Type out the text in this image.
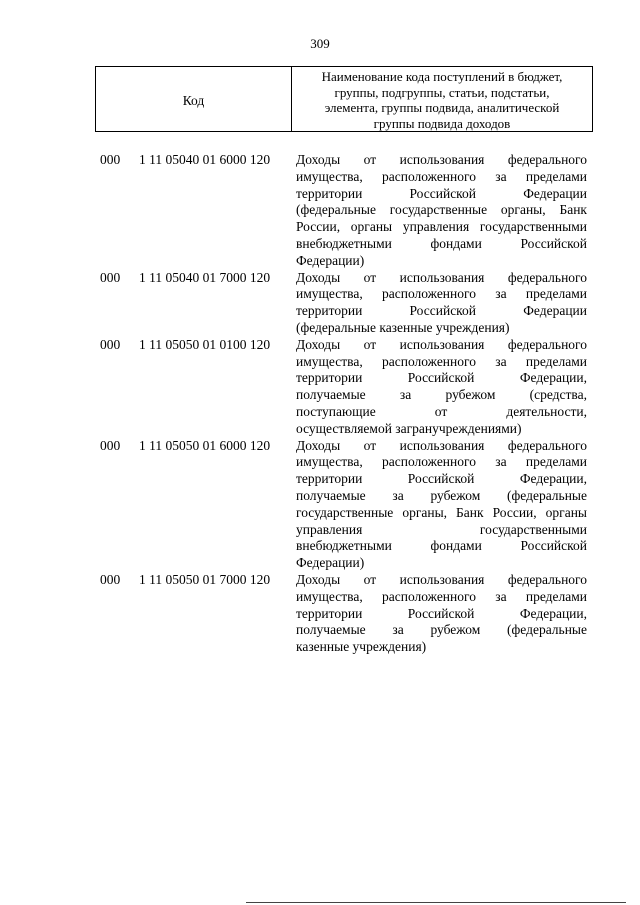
309
Код
Наименование кода поступлений в бюджет,
группы, подгруппы, статьи, подстатьи,
элемента, группы подвида, аналитической
группы подвида доходов
000 1 11 05040 01 6000 120 Доходы от использования федерального
имущества, расположенного за пределами
территории Российской Федерации
(федеральные государственные органы, Банк
России, органы управления государственными
внебюджетными фондами Российской
Федерации)
000 1 11 05040 01 7000 120 Доходы от использования федерального
имущества, расположенного за пределами
территории Российской Федерации
(федеральные казенные учреждения)
000 1 11 05050 01 0100 120 Доходы от использования федерального
имущества, расположенного за пределами
территории Российской Федерации,
получаемые за рубежом (средства,
поступающие от деятельности,
осуществляемой загранучреждениями)
000 1 11 05050 01 6000 120 Доходы от использования федерального
имущества, расположенного за пределами
территории Российской Федерации,
получаемые за рубежом (федеральные
государственные органы, Банк России, органы
управления государственными
внебюджетными фондами Российской
Федерации)
000 1 11 05050 01 7000 120 Доходы от использования федерального
имущества, расположенного за пределами
территории Российской Федерации,
получаемые за рубежом (федеральные
казенные учреждения)
